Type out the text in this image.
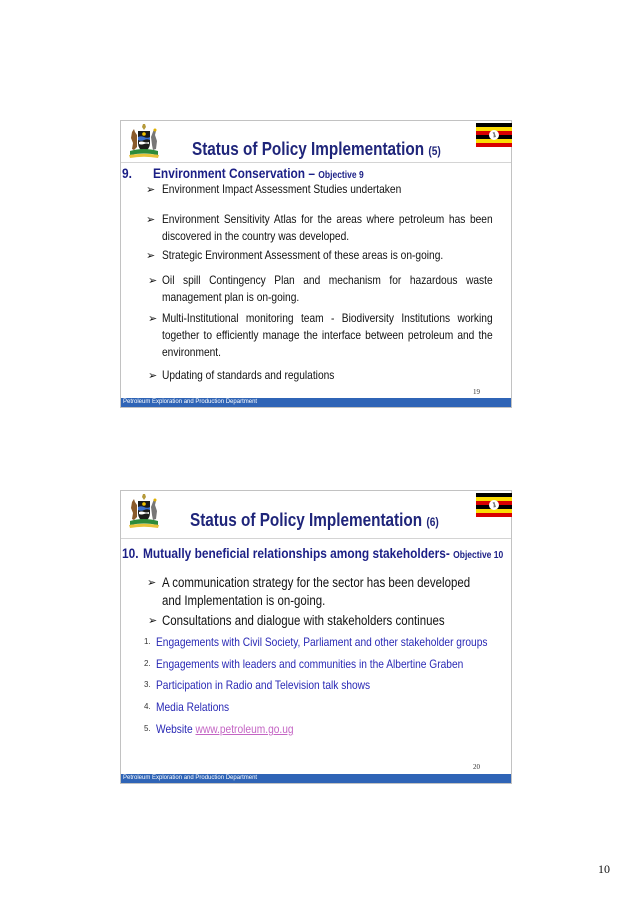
Status of Policy Implementation (5)
9. Environment Conservation – Objective 9
➢ Environment Impact Assessment Studies undertaken
➢ Environment Sensitivity Atlas for the areas where petroleum has been
discovered in the country was developed.
➢ Strategic Environment Assessment of these areas is on-going.
➢ Oil spill Contingency Plan and mechanism for hazardous waste
management plan is on-going.
➢ Multi-Institutional monitoring team - Biodiversity Institutions working
together to efficiently manage the interface between petroleum and the
environment.
➢ Updating of standards and regulations
19
Petroleum Exploration and Production Department
Status of Policy Implementation (6)
10. Mutually beneficial relationships among stakeholders- Objective 10
➢ A communication strategy for the sector has been developed
and Implementation is on-going.
➢ Consultations and dialogue with stakeholders continues
1. Engagements with Civil Society, Parliament and other stakeholder groups
2. Engagements with leaders and communities in the Albertine Graben
3. Participation in Radio and Television talk shows
4. Media Relations
5. Website www.petroleum.go.ug
20
Petroleum Exploration and Production Department
10
